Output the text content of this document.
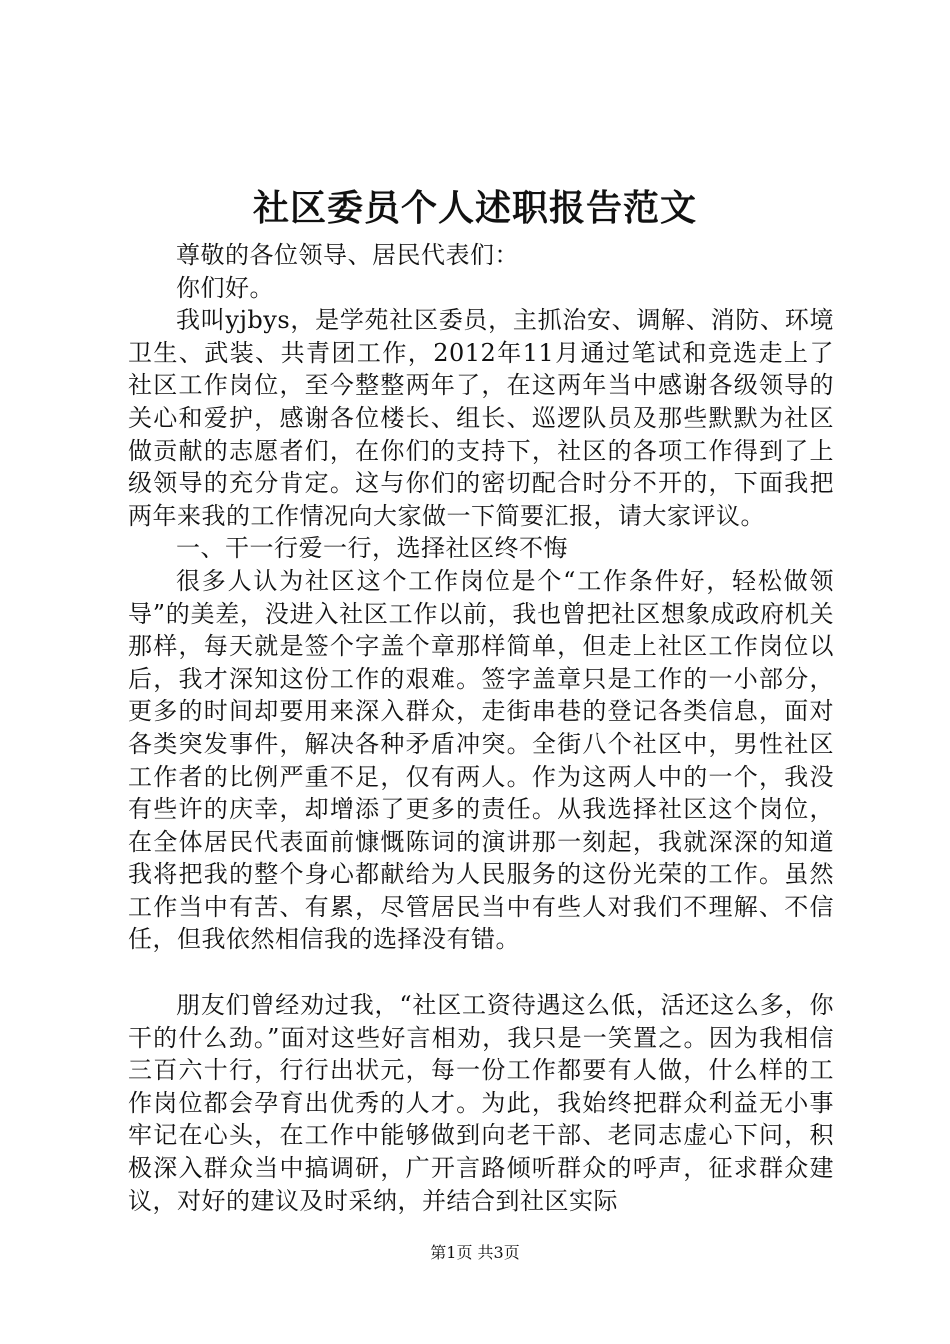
社区委员个人述职报告范文

尊敬的各位领导、居民代表们：

你们好。

我叫yjbys，是学苑社区委员，主抓治安、调解、消防、环境卫生、武装、共青团工作，2012年11月通过笔试和竞选走上了社区工作岗位，至今整整两年了，在这两年当中感谢各级领导的关心和爱护，感谢各位楼长、组长、巡逻队员及那些默默为社区做贡献的志愿者们，在你们的支持下，社区的各项工作得到了上级领导的充分肯定。这与你们的密切配合时分不开的，下面我把两年来我的工作情况向大家做一下简要汇报，请大家评议。

一、干一行爱一行，选择社区终不悔

很多人认为社区这个工作岗位是个“工作条件好，轻松做领导”的美差，没进入社区工作以前，我也曾把社区想象成政府机关那样，每天就是签个字盖个章那样简单，但走上社区工作岗位以后，我才深知这份工作的艰难。签字盖章只是工作的一小部分，更多的时间却要用来深入群众，走街串巷的登记各类信息，面对各类突发事件，解决各种矛盾冲突。全街八个社区中，男性社区工作者的比例严重不足，仅有两人。作为这两人中的一个，我没有些许的庆幸，却增添了更多的责任。从我选择社区这个岗位，在全体居民代表面前慷慨陈词的演讲那一刻起，我就深深的知道我将把我的整个身心都献给为人民服务的这份光荣的工作。虽然工作当中有苦、有累，尽管居民当中有些人对我们不理解、不信任，但我依然相信我的选择没有错。

朋友们曾经劝过我，“社区工资待遇这么低，活还这么多，你干的什么劲。”面对这些好言相劝，我只是一笑置之。因为我相信三百六十行，行行出状元，每一份工作都要有人做，什么样的工作岗位都会孕育出优秀的人才。为此，我始终把群众利益无小事牢记在心头，在工作中能够做到向老干部、老同志虚心下问，积极深入群众当中搞调研，广开言路倾听群众的呼声，征求群众建议，对好的建议及时采纳，并结合到社区实际

第1页 共3页
